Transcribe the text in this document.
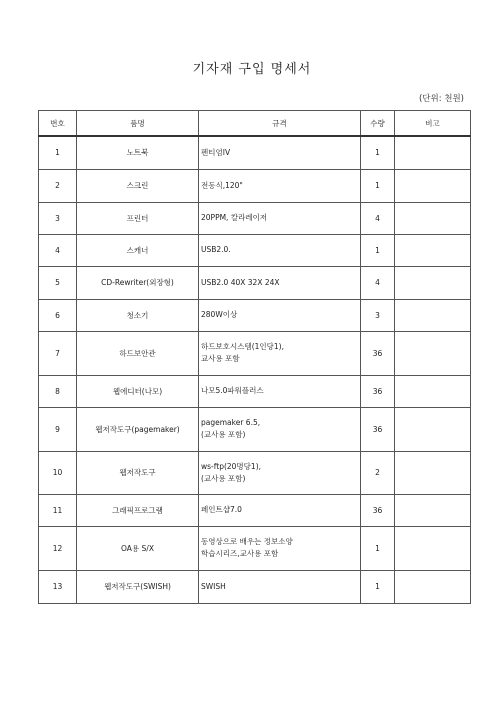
기자재 구입 명세서
(단위: 천원)
번호	품명	규격	수량	비고
1	노트북	펜티엄IV	1	
2	스크린	전동식,120"	1	
3	프린터	20PPM, 칼라레이저	4	
4	스캐너	USB2.0.	1	
5	CD-Rewriter(외장형)	USB2.0 40X 32X 24X	4	
6	청소기	280W이상	3	
7	하드보안관	하드보호시스템(1인당1),
교사용 포함	36	
8	웹에디터(나모)	나모5.0파워플러스	36	
9	웹저작도구(pagemaker)	pagemaker 6.5,
(교사용 포함)	36	
10	웹저작도구	ws-ftp(20명당1),
(교사용 포함)	2	
11	그래픽프로그램	페인트샵7.0	36	
12	OA용 S/X	동영상으로 배우는 정보소양
학습시리즈,교사용 포함	1	
13	웹저작도구(SWISH)	SWISH	1	
